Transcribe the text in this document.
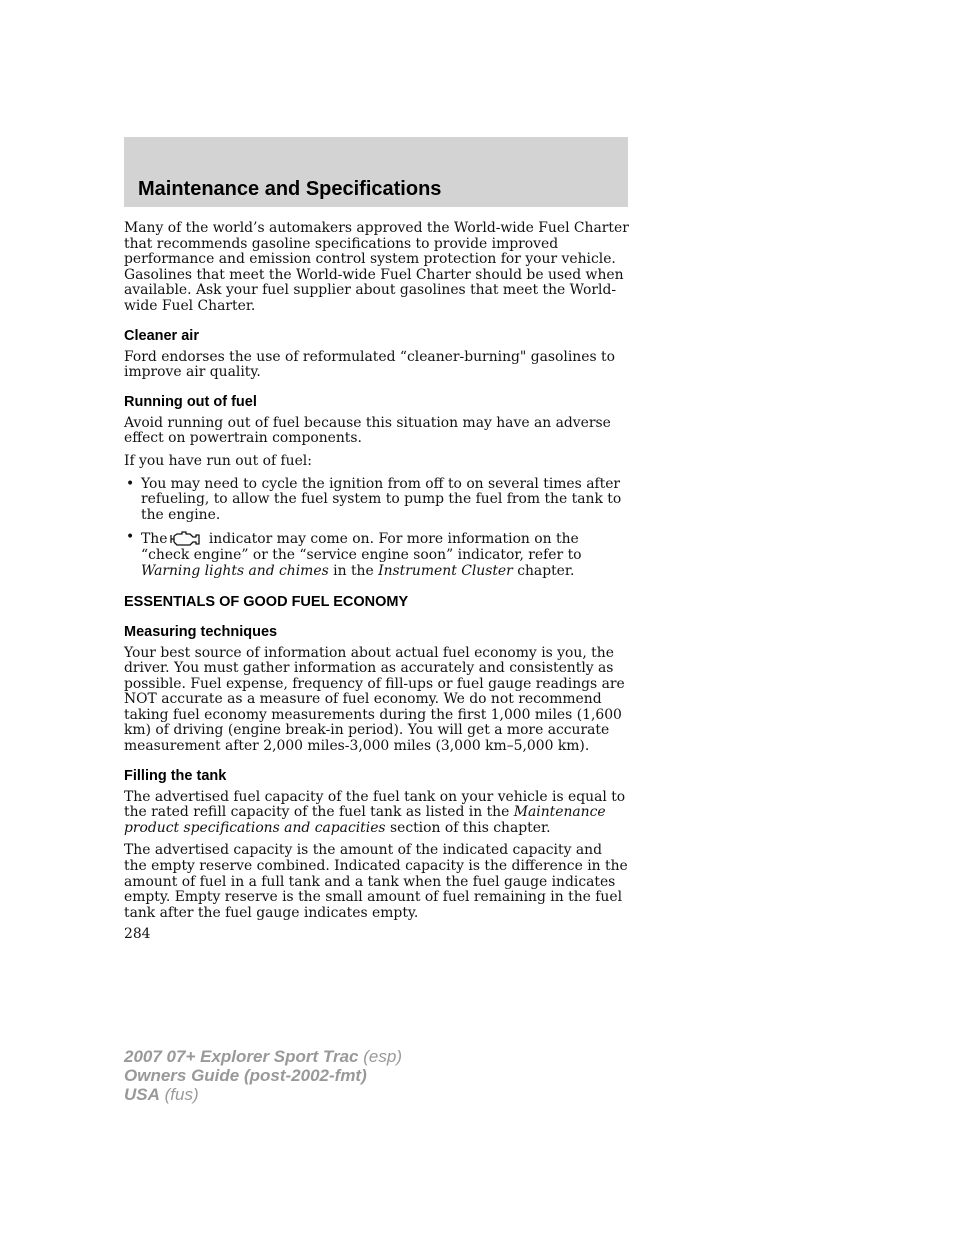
Maintenance and Specifications

Many of the world’s automakers approved the World-wide Fuel Charter that recommends gasoline specifications to provide improved performance and emission control system protection for your vehicle. Gasolines that meet the World-wide Fuel Charter should be used when available. Ask your fuel supplier about gasolines that meet the World-wide Fuel Charter.

Cleaner air

Ford endorses the use of reformulated “cleaner-burning" gasolines to improve air quality.

Running out of fuel

Avoid running out of fuel because this situation may have an adverse effect on powertrain components.

If you have run out of fuel:

• You may need to cycle the ignition from off to on several times after refueling, to allow the fuel system to pump the fuel from the tank to the engine.
• The	indicator may come on. For more information on the “check engine” or the “service engine soon” indicator, refer to Warning lights and chimes in the Instrument Cluster chapter.
ESSENTIALS OF GOOD FUEL ECONOMY
Measuring techniques

Your best source of information about actual fuel economy is you, the driver. You must gather information as accurately and consistently as possible. Fuel expense, frequency of fill-ups or fuel gauge readings are NOT accurate as a measure of fuel economy. We do not recommend taking fuel economy measurements during the first 1,000 miles (1,600 km) of driving (engine break-in period). You will get a more accurate measurement after 2,000 miles-3,000 miles (3,000 km–5,000 km).

Filling the tank

The advertised fuel capacity of the fuel tank on your vehicle is equal to the rated refill capacity of the fuel tank as listed in the Maintenance product specifications and capacities section of this chapter.

The advertised capacity is the amount of the indicated capacity and the empty reserve combined. Indicated capacity is the difference in the amount of fuel in a full tank and a tank when the fuel gauge indicates empty. Empty reserve is the small amount of fuel remaining in the fuel tank after the fuel gauge indicates empty.

284
2007 07+ Explorer Sport Trac (esp)
Owners Guide (post-2002-fmt)
USA (fus)
